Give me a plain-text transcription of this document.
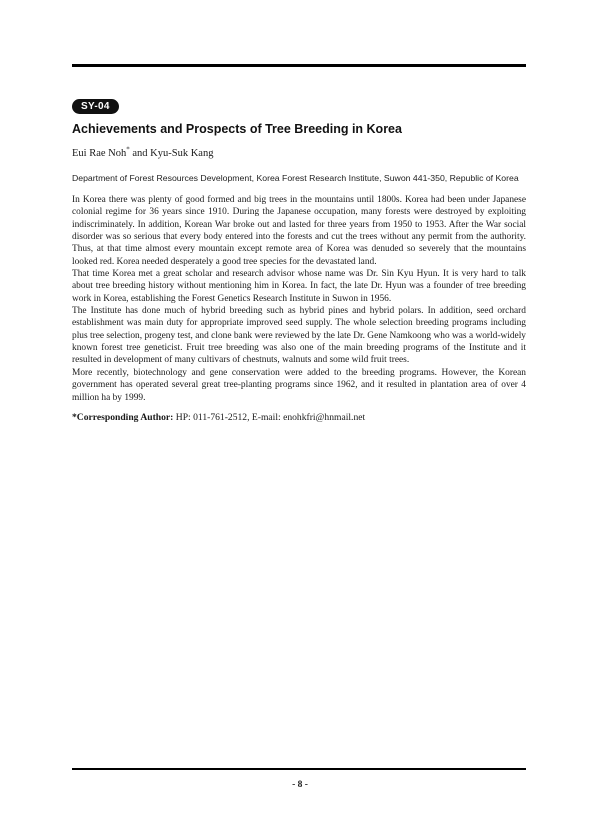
SY-04
Achievements and Prospects of Tree Breeding in Korea
Eui Rae Noh* and Kyu-Suk Kang
Department of Forest Resources Development, Korea Forest Research Institute, Suwon 441-350, Republic of Korea

In Korea there was plenty of good formed and big trees in the mountains until 1800s. Korea had been under Japanese colonial regime for 36 years since 1910. During the Japanese occupation, many forests were destroyed by exploiting indiscriminately. In addition, Korean War broke out and lasted for three years from 1950 to 1953. After the War social disorder was so serious that every body entered into the forests and cut the trees without any permit from the authority. Thus, at that time almost every mountain except remote area of Korea was denuded so severely that the mountains looked red. Korea needed desperately a good tree species for the devastated land.

That time Korea met a great scholar and research advisor whose name was Dr. Sin Kyu Hyun. It is very hard to talk about tree breeding history without mentioning him in Korea. In fact, the late Dr. Hyun was a founder of tree breeding work in Korea, establishing the Forest Genetics Research Institute in Suwon in 1956.

The Institute has done much of hybrid breeding such as hybrid pines and hybrid polars. In addition, seed orchard establishment was main duty for appropriate improved seed supply. The whole selection breeding programs including plus tree selection, progeny test, and clone bank were reviewed by the late Dr. Gene Namkoong who was a world-widely known forest tree geneticist. Fruit tree breeding was also one of the main breeding programs of the Institute and it resulted in development of many cultivars of chestnuts, walnuts and some wild fruit trees.

More recently, biotechnology and gene conservation were added to the breeding programs. However, the Korean government has operated several great tree-planting programs since 1962, and it resulted in plantation area of over 4 million ha by 1999.

*Corresponding Author: HP: 011-761-2512, E-mail: enohkfri@hnmail.net
- 8 -
